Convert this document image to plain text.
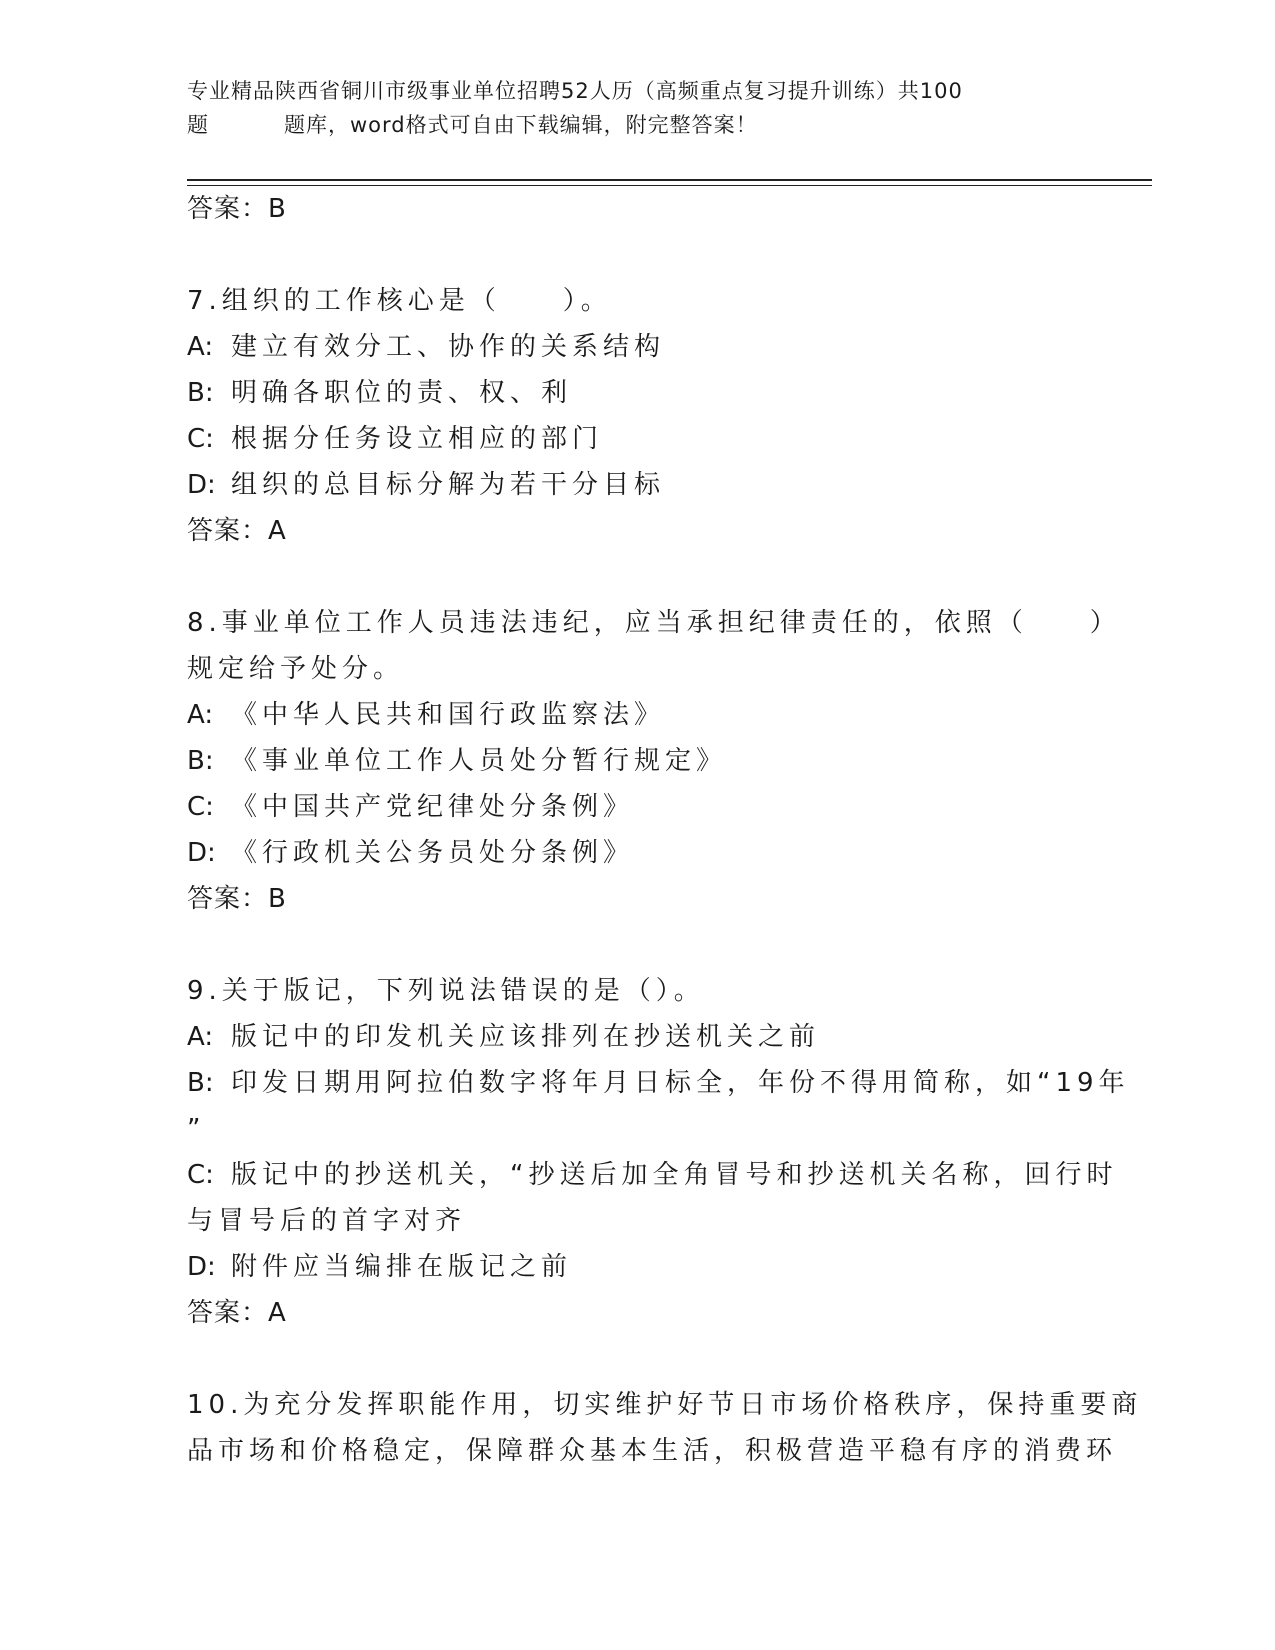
专业精品陕西省铜川市级事业单位招聘52人历（高频重点复习提升训练）共100
题	题库，word格式可自由下载编辑，附完整答案！
答案：B
7.组织的工作核心是（　　）。
A: 建立有效分工、协作的关系结构
B: 明确各职位的责、权、利
C: 根据分任务设立相应的部门
D: 组织的总目标分解为若干分目标
答案：A
8.事业单位工作人员违法违纪，应当承担纪律责任的，依照（　　）
规定给予处分。
A: 《中华人民共和国行政监察法》
B: 《事业单位工作人员处分暂行规定》
C: 《中国共产党纪律处分条例》
D: 《行政机关公务员处分条例》
答案：B
9.关于版记，下列说法错误的是（）。
A: 版记中的印发机关应该排列在抄送机关之前
B: 印发日期用阿拉伯数字将年月日标全，年份不得用简称，如“19年
”
C: 版记中的抄送机关，“抄送后加全角冒号和抄送机关名称，回行时
与冒号后的首字对齐
D: 附件应当编排在版记之前
答案：A
10.为充分发挥职能作用，切实维护好节日市场价格秩序，保持重要商
品市场和价格稳定，保障群众基本生活，积极营造平稳有序的消费环
